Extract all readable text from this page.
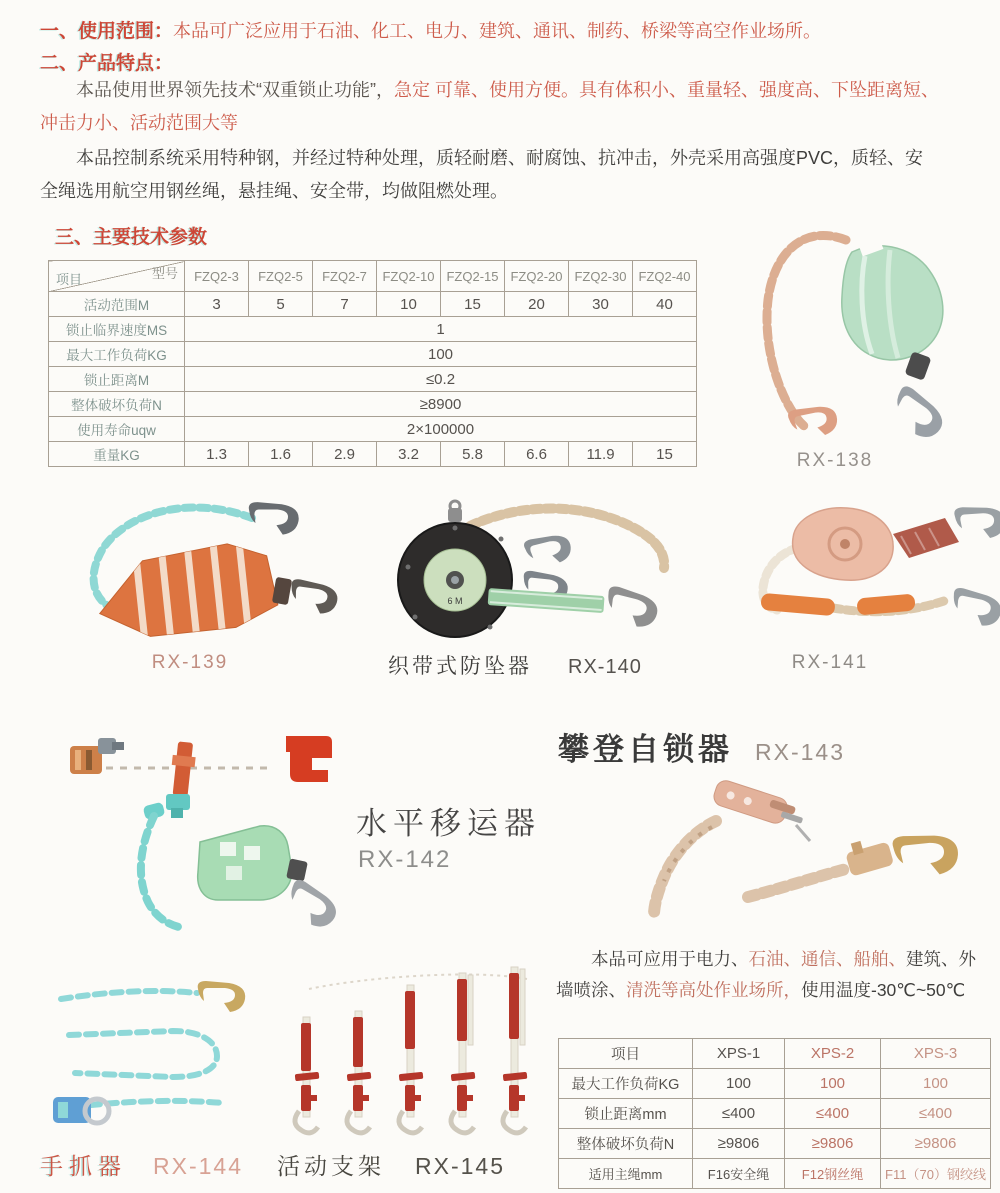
一、使用范围：本品可广泛应用于石油、化工、电力、建筑、通讯、制药、桥梁等高空作业场所。
二、产品特点：

本品使用世界领先技术“双重锁止功能”，急定 可靠、使用方便。具有体积小、重量轻、强度高、下坠距离短、冲击力小、活动范围大等

本品控制系统采用特种钢，并经过特种处理，质轻耐磨、耐腐蚀、抗冲击，外壳采用高强度PVC，质轻、安全绳选用航空用钢丝绳，悬挂绳、安全带，均做阻燃处理。

三、主要技术参数
型号
项目	FZQ2-3	FZQ2-5	FZQ2-7	FZQ2-10	FZQ2-15	FZQ2-20	FZQ2-30	FZQ2-40
活动范围M	3	5	7	10	15	20	30	40
锁止临界速度MS	1							
最大工作负荷KG	100							
锁止距离M	≤0.2							
整体破坏负荷N	≥8900							
使用寿命uqw	2×100000							
重量KG	1.3	1.6	2.9	3.2	5.8	6.6	11.9	15	RX-138
RX-139
6 M
织带式防坠器 RX-140	RX-141
水平移运器
RX-142
攀登自锁器 RX-143
手抓器 RX-144 活动支架 RX-145

本品可应用于电力、石油、通信、船舶、建筑、外墙喷涂、清洗等高处作业场所，使用温度-30℃~50℃

项目	XPS-1	XPS-2	XPS-3
最大工作负荷KG	100	100	100
锁止距离mm	≤400	≤400	≤400
整体破坏负荷N	≥9806	≥9806	≥9806
适用主绳mm	F16安全绳	F12钢丝绳	F11（70）钢绞线
